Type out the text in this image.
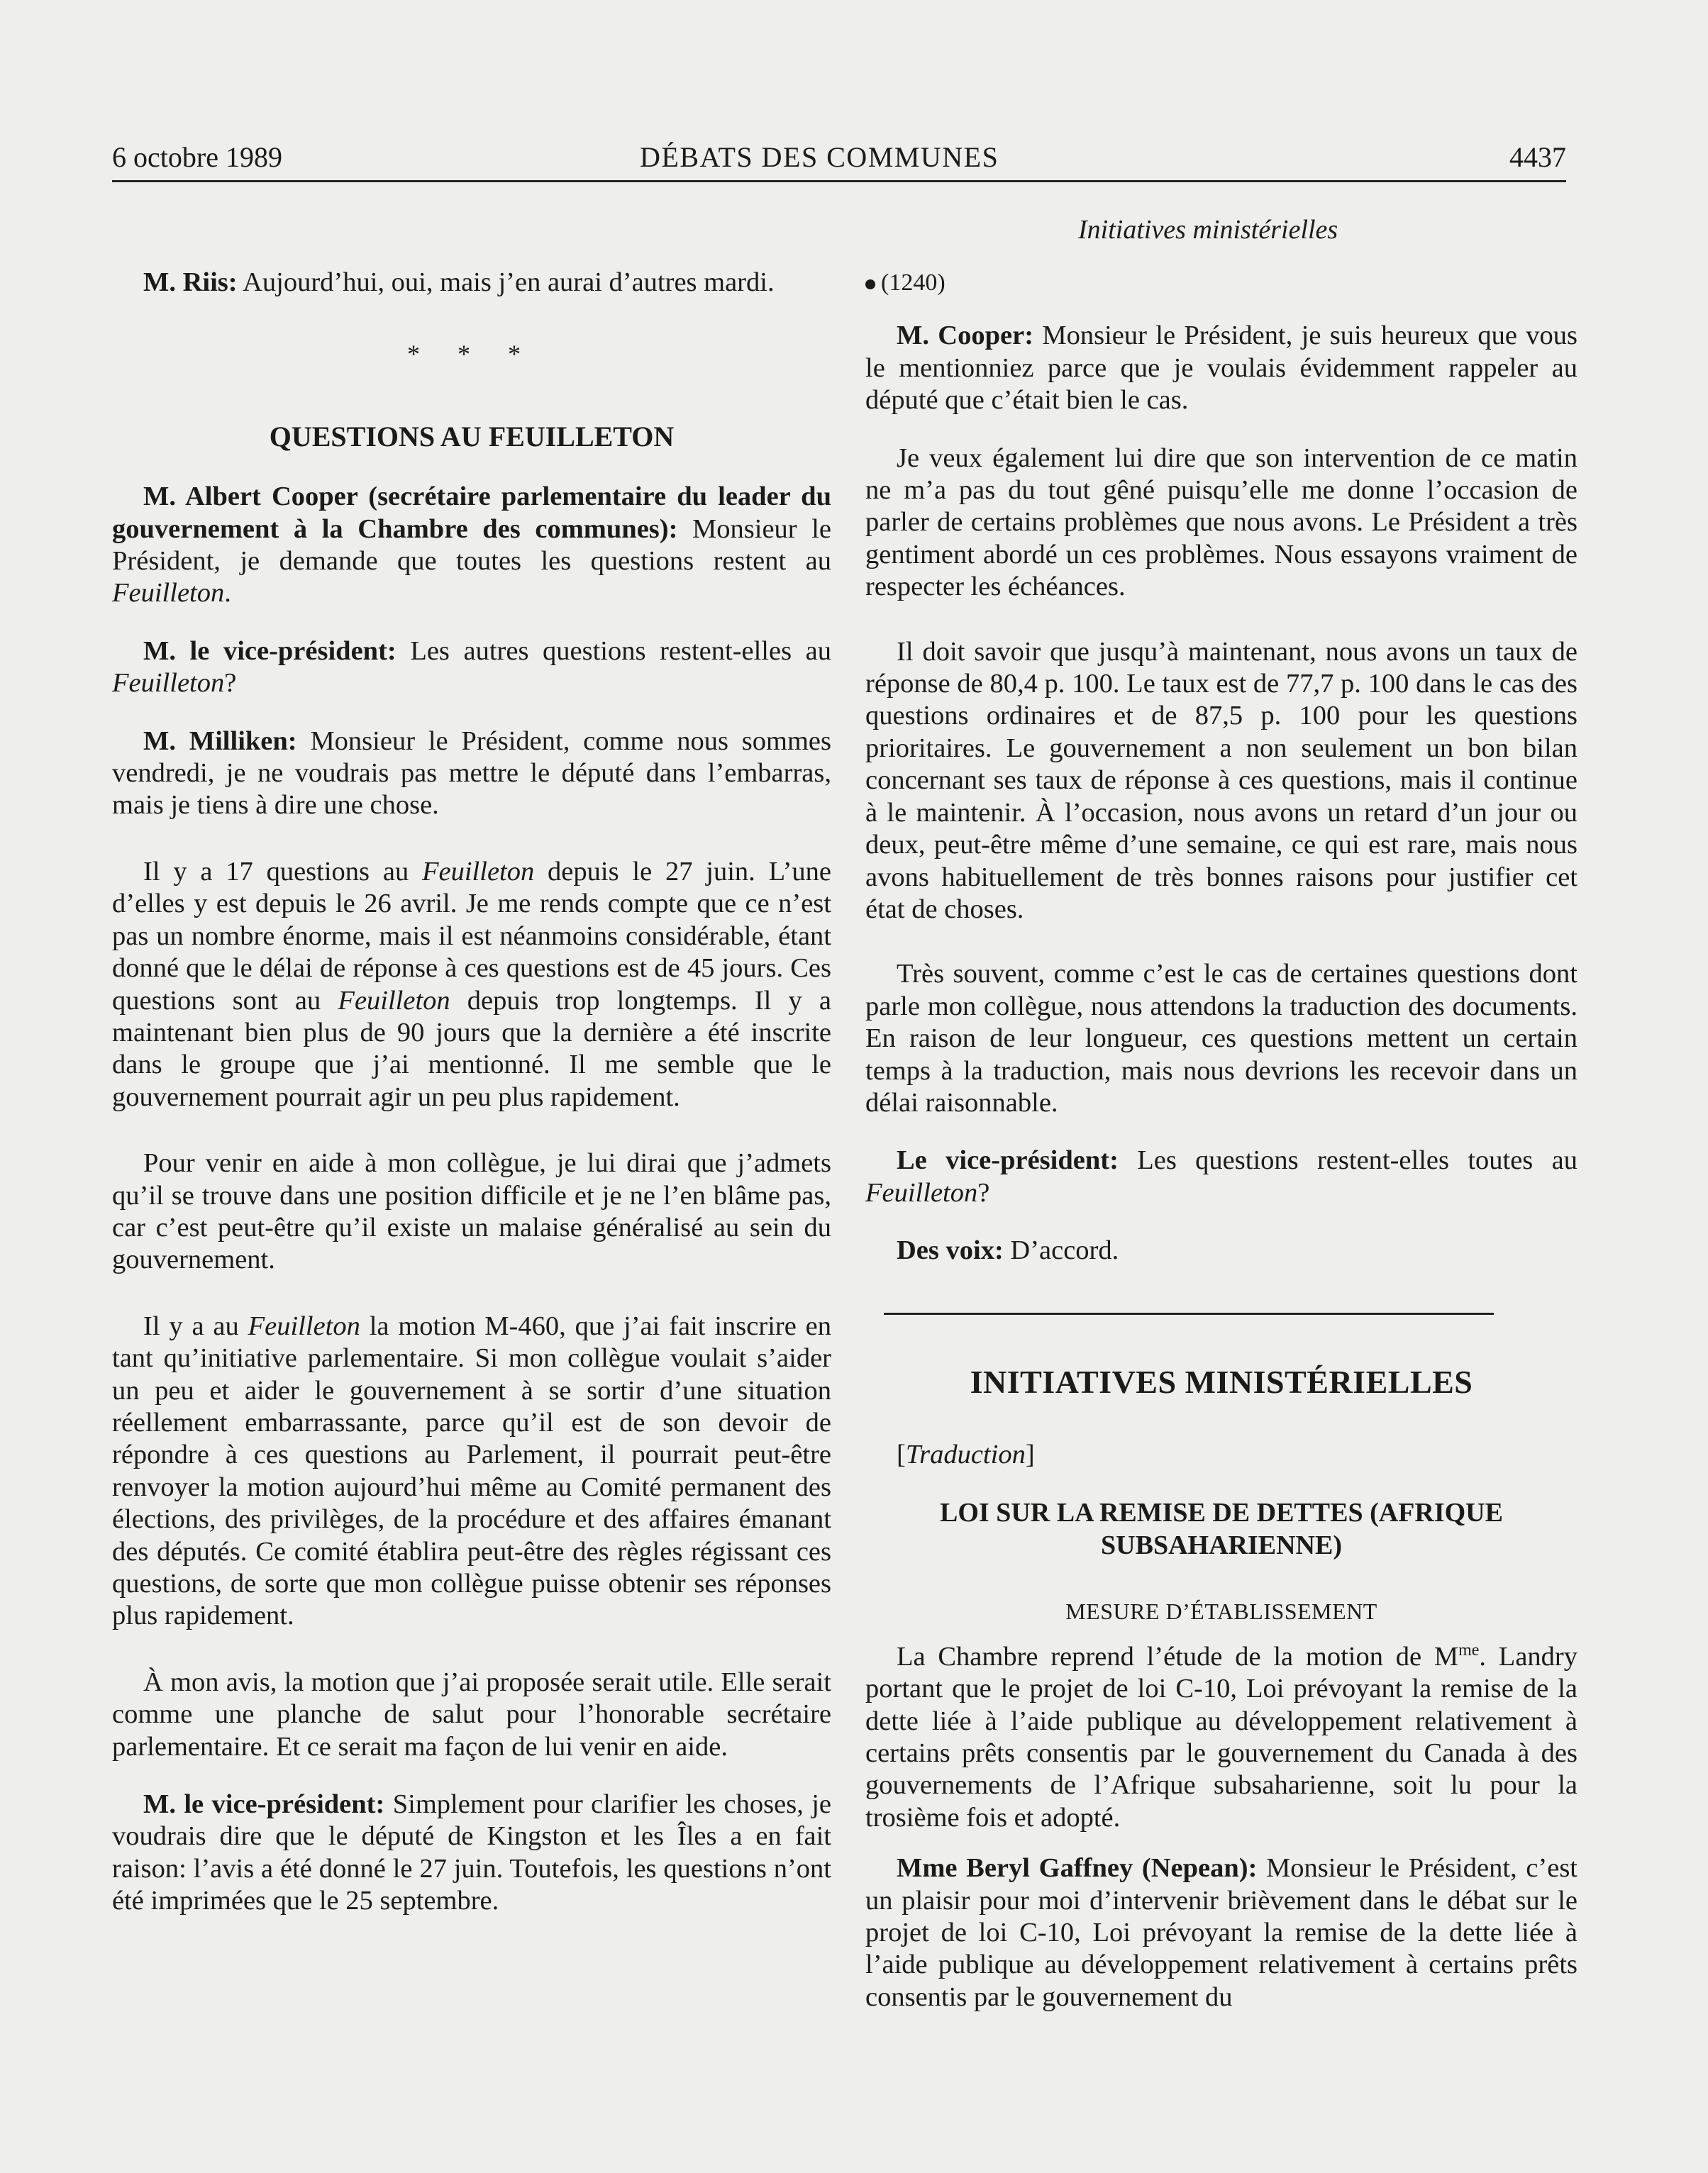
6 octobre 1989	DÉBATS DES COMMUNES	4437
Initiatives ministérielles

M. Riis: Aujourd’hui, oui, mais j’en aurai d’autres mardi.

* * *
QUESTIONS AU FEUILLETON

M. Albert Cooper (secrétaire parlementaire du leader du gouvernement à la Chambre des communes): Monsieur le Président, je demande que toutes les questions restent au Feuilleton.

M. le vice-président: Les autres questions restent-elles au Feuilleton?

M. Milliken: Monsieur le Président, comme nous sommes vendredi, je ne voudrais pas mettre le député dans l’embarras, mais je tiens à dire une chose.

Il y a 17 questions au Feuilleton depuis le 27 juin. L’une d’elles y est depuis le 26 avril. Je me rends compte que ce n’est pas un nombre énorme, mais il est néanmoins considérable, étant donné que le délai de réponse à ces questions est de 45 jours. Ces questions sont au Feuilleton depuis trop longtemps. Il y a maintenant bien plus de 90 jours que la dernière a été inscrite dans le groupe que j’ai mentionné. Il me semble que le gouvernement pourrait agir un peu plus rapidement.

Pour venir en aide à mon collègue, je lui dirai que j’admets qu’il se trouve dans une position difficile et je ne l’en blâme pas, car c’est peut-être qu’il existe un malaise généralisé au sein du gouvernement.

Il y a au Feuilleton la motion M-460, que j’ai fait inscrire en tant qu’initiative parlementaire. Si mon collègue voulait s’aider un peu et aider le gouvernement à se sortir d’une situation réellement embarrassante, parce qu’il est de son devoir de répondre à ces questions au Parlement, il pourrait peut-être renvoyer la motion aujourd’hui même au Comité permanent des élections, des privilèges, de la procédure et des affaires émanant des députés. Ce comité établira peut-être des règles régissant ces questions, de sorte que mon collègue puisse obtenir ses réponses plus rapidement.

À mon avis, la motion que j’ai proposée serait utile. Elle serait comme une planche de salut pour l’honorable secrétaire parlementaire. Et ce serait ma façon de lui venir en aide.

M. le vice-président: Simplement pour clarifier les choses, je voudrais dire que le député de Kingston et les Îles a en fait raison: l’avis a été donné le 27 juin. Toutefois, les questions n’ont été imprimées que le 25 septembre.

(1240)

M. Cooper: Monsieur le Président, je suis heureux que vous le mentionniez parce que je voulais évidemment rappeler au député que c’était bien le cas.

Je veux également lui dire que son intervention de ce matin ne m’a pas du tout gêné puisqu’elle me donne l’occasion de parler de certains problèmes que nous avons. Le Président a très gentiment abordé un ces problèmes. Nous essayons vraiment de respecter les échéances.

Il doit savoir que jusqu’à maintenant, nous avons un taux de réponse de 80,4 p. 100. Le taux est de 77,7 p. 100 dans le cas des questions ordinaires et de 87,5 p. 100 pour les questions prioritaires. Le gouvernement a non seulement un bon bilan concernant ses taux de réponse à ces questions, mais il continue à le maintenir. À l’occasion, nous avons un retard d’un jour ou deux, peut-être même d’une semaine, ce qui est rare, mais nous avons habituellement de très bonnes raisons pour justifier cet état de choses.

Très souvent, comme c’est le cas de certaines questions dont parle mon collègue, nous attendons la traduction des documents. En raison de leur longueur, ces questions mettent un certain temps à la traduction, mais nous devrions les recevoir dans un délai raisonnable.

Le vice-président: Les questions restent-elles toutes au Feuilleton?

Des voix: D’accord.

INITIATIVES MINISTÉRIELLES

[Traduction]

LOI SUR LA REMISE DE DETTES (AFRIQUE SUBSAHARIENNE)
MESURE D’ÉTABLISSEMENT

La Chambre reprend l’étude de la motion de $M^{me}$. Landry portant que le projet de loi C-10, Loi prévoyant la remise de la dette liée à l’aide publique au développement relativement à certains prêts consentis par le gouvernement du Canada à des gouvernements de l’Afrique subsaharienne, soit lu pour la trosième fois et adopté.

Mme Beryl Gaffney (Nepean): Monsieur le Président, c’est un plaisir pour moi d’intervenir brièvement dans le débat sur le projet de loi C-10, Loi prévoyant la remise de la dette liée à l’aide publique au développement relativement à certains prêts consentis par le gouvernement du
